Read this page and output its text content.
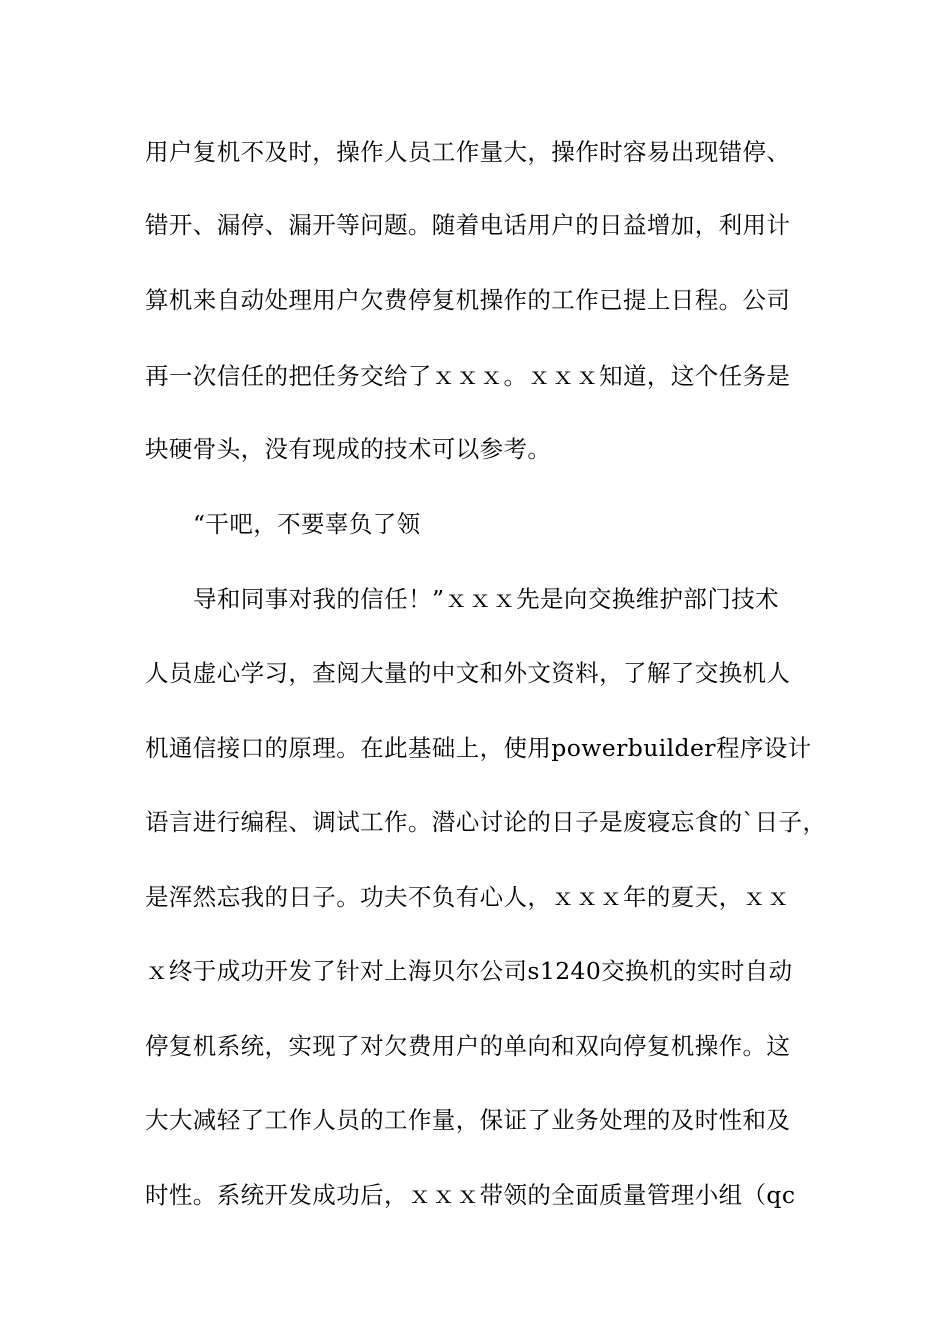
用户复机不及时，操作人员工作量大，操作时容易出现错停、
错开、漏停、漏开等问题。随着电话用户的日益增加，利用计
算机来自动处理用户欠费停复机操作的工作已提上日程。公司
再一次信任的把任务交给了ｘｘｘ。ｘｘｘ知道，这个任务是
块硬骨头，没有现成的技术可以参考。
“干吧，不要辜负了领
导和同事对我的信任！”ｘｘｘ先是向交换维护部门技术
人员虚心学习，查阅大量的中文和外文资料，了解了交换机人
机通信接口的原理。在此基础上，使用powerbuilder程序设计
语言进行编程、调试工作。潜心讨论的日子是废寝忘食的`日子，
是浑然忘我的日子。功夫不负有心人，ｘｘｘ年的夏天，ｘｘ
ｘ终于成功开发了针对上海贝尔公司s1240交换机的实时自动
停复机系统，实现了对欠费用户的单向和双向停复机操作。这
大大减轻了工作人员的工作量，保证了业务处理的及时性和及
时性。系统开发成功后，ｘｘｘ带领的全面质量管理小组（qc
